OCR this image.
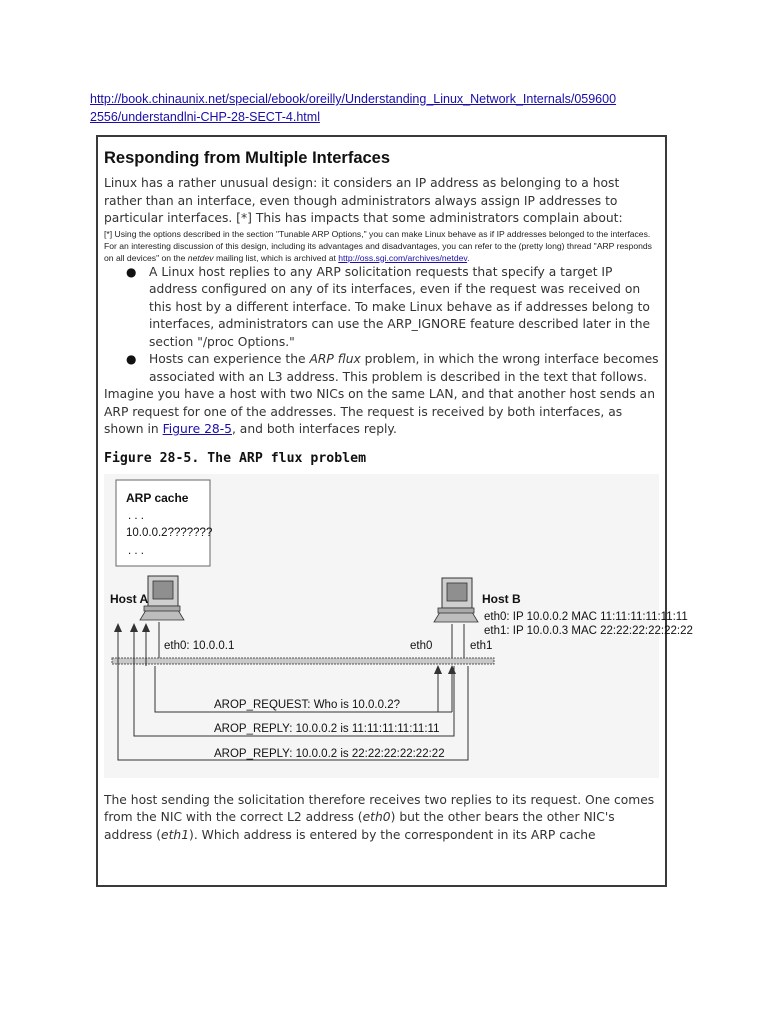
http://book.chinaunix.net/special/ebook/oreilly/Understanding_Linux_Network_Internals/059600
2556/understandlni-CHP-28-SECT-4.html
Responding from Multiple Interfaces

Linux has a rather unusual design: it considers an IP address as belonging to a host rather than an interface, even though administrators always assign IP addresses to particular interfaces. [*] This has impacts that some administrators complain about:

[*] Using the options described in the section "Tunable ARP Options," you can make Linux behave as if IP addresses belonged to the interfaces. For an interesting discussion of this design, including its advantages and disadvantages, you can refer to the (pretty long) thread "ARP responds on all devices" on the netdev mailing list, which is archived at http://oss.sgi.com/archives/netdev.

● A Linux host replies to any ARP solicitation requests that specify a target IP address configured on any of its interfaces, even if the request was received on this host by a different interface. To make Linux behave as if addresses belong to interfaces, administrators can use the ARP_IGNORE feature described later in the section "/proc Options."
● Hosts can experience the ARP flux problem, in which the wrong interface becomes associated with an L3 address. This problem is described in the text that follows.

Imagine you have a host with two NICs on the same LAN, and that another host sends an ARP request for one of the addresses. The request is received by both interfaces, as shown in Figure 28-5, and both interfaces reply.

Figure 28-5. The ARP flux problem
ARP cache
. . .
10.0.0.2???????
. . .
Host A	Host B
eth0: IP 10.0.0.2 MAC 11:11:11:11:11:11
eth1: IP 10.0.0.3 MAC 22:22:22:22:22:22
eth0: 10.0.0.1	eth0	eth1
AROP_REQUEST: Who is 10.0.0.2?
AROP_REPLY: 10.0.0.2 is 11:11:11:11:11:11
AROP_REPLY: 10.0.0.2 is 22:22:22:22:22:22

The host sending the solicitation therefore receives two replies to its request. One comes from the NIC with the correct L2 address (eth0) but the other bears the other NIC's address (eth1). Which address is entered by the correspondent in its ARP cache
